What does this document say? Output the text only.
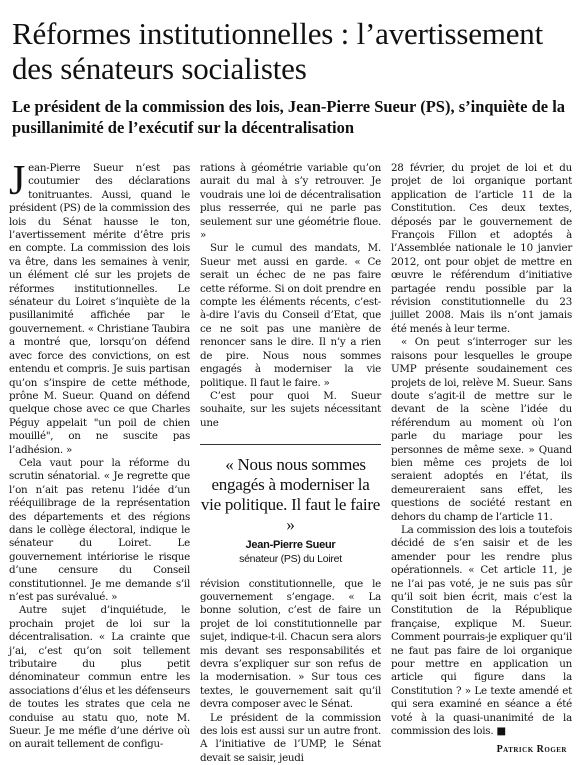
Réformes institutionnelles : l’avertissement des sénateurs socialistes
Le président de la commission des lois, Jean-Pierre Sueur (PS), s’inquiète de la pusillanimité de l’exécutif sur la décentralisation

Jean-Pierre Sueur n’est pas coutumier des déclarations tonitruantes. Aussi, quand le président (PS) de la commission des lois du Sénat hausse le ton, l’avertissement mérite d’être pris en compte. La commission des lois va être, dans les semaines à venir, un élément clé sur les projets de réformes institutionnelles. Le sénateur du Loiret s’inquiète de la pusillanimité affichée par le gouvernement. « Christiane Taubira a montré que, lorsqu’on défend avec force des convictions, on est entendu et compris. Je suis partisan qu’on s’inspire de cette méthode, prône M. Sueur. Quand on défend quelque chose avec ce que Charles Péguy appelait "un poil de chien mouillé", on ne suscite pas l’adhésion. »

Cela vaut pour la réforme du scrutin sénatorial. « Je regrette que l’on n’ait pas retenu l’idée d’un rééquilibrage de la représentation des départements et des régions dans le collège électoral, indique le sénateur du Loiret. Le gouvernement intériorise le risque d’une censure du Conseil constitutionnel. Je me demande s’il n’est pas surévalué. »

Autre sujet d’inquiétude, le prochain projet de loi sur la décentralisation. « La crainte que j’ai, c’est qu’on soit tellement tributaire du plus petit dénominateur commun entre les associations d’élus et les défenseurs de toutes les strates que cela ne conduise au statu quo, note M. Sueur. Je me méfie d’une dérive où on aurait tellement de configu-

rations à géométrie variable qu’on aurait du mal à s’y retrouver. Je voudrais une loi de décentralisation plus resserrée, qui ne parle pas seulement sur une géométrie floue. »

Sur le cumul des mandats, M. Sueur met aussi en garde. « Ce serait un échec de ne pas faire cette réforme. Si on doit prendre en compte les éléments récents, c’est-à-dire l’avis du Conseil d’Etat, que ce ne soit pas une manière de renoncer sans le dire. Il n’y a rien de pire. Nous nous sommes engagés à moderniser la vie politique. Il faut le faire. »

C’est pour quoi M. Sueur souhaite, sur les sujets nécessitant une

« Nous nous sommes engagés à moderniser la vie politique. Il faut le faire »

Jean-Pierre Sueur
sénateur (PS) du Loiret

révision constitutionnelle, que le gouvernement s’engage. « La bonne solution, c’est de faire un projet de loi constitutionnelle par sujet, indique-t-il. Chacun sera alors mis devant ses responsabilités et devra s’expliquer sur son refus de la modernisation. » Sur tous ces textes, le gouvernement sait qu’il devra composer avec le Sénat.

Le président de la commission des lois est aussi sur un autre front. A l’initiative de l’UMP, le Sénat devait se saisir, jeudi

28 février, du projet de loi et du projet de loi organique portant application de l’article 11 de la Constitution. Ces deux textes, déposés par le gouvernement de François Fillon et adoptés à l’Assemblée nationale le 10 janvier 2012, ont pour objet de mettre en œuvre le référendum d’initiative partagée rendu possible par la révision constitutionnelle du 23 juillet 2008. Mais ils n’ont jamais été menés à leur terme.

« On peut s’interroger sur les raisons pour lesquelles le groupe UMP présente soudainement ces projets de loi, relève M. Sueur. Sans doute s’agit-il de mettre sur le devant de la scène l’idée du référendum au moment où l’on parle du mariage pour les personnes de même sexe. » Quand bien même ces projets de loi seraient adoptés en l’état, ils demeureraient sans effet, les questions de société restant en dehors du champ de l’article 11.

La commission des lois a toutefois décidé de s’en saisir et de les amender pour les rendre plus opérationnels. « Cet article 11, je ne l’ai pas voté, je ne suis pas sûr qu’il soit bien écrit, mais c’est la Constitution de la République française, explique M. Sueur. Comment pourrais-je expliquer qu’il ne faut pas faire de loi organique pour mettre en application un article qui figure dans la Constitution ? » Le texte amendé et qui sera examiné en séance a été voté à la quasi-unanimité de la commission des lois. ■

Patrick Roger
